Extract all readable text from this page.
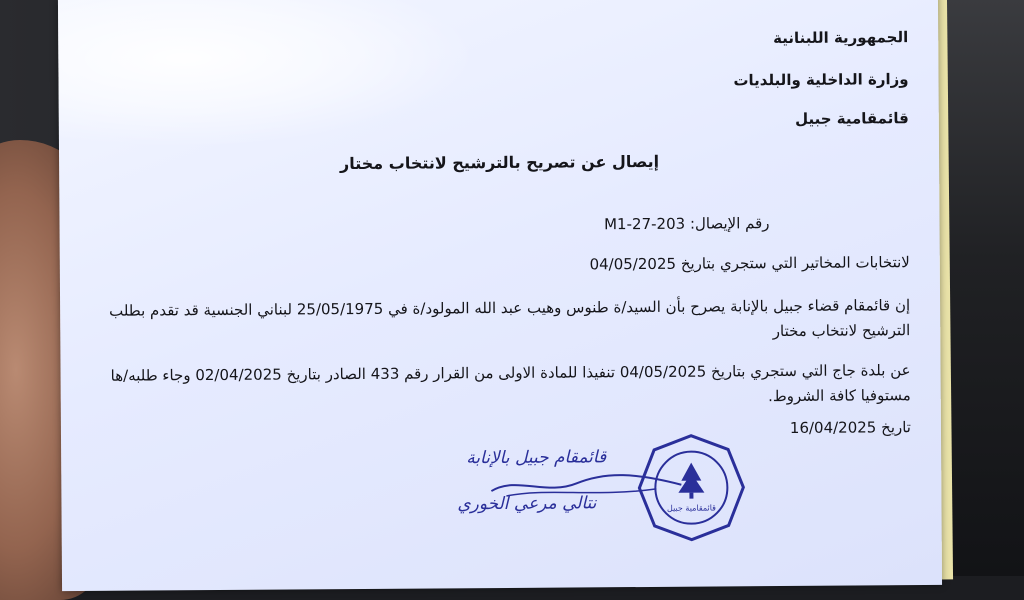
الجمهورية اللبنانية
وزارة الداخلية والبلديات
قائمقامية جبيل
إيصال عن تصريح بالترشيح لانتخاب مختار
رقم الإيصال: 203-27-M1
لانتخابات المخاتير التي ستجري بتاريخ 04/05/2025
إن قائمقام قضاء جبيل بالإنابة يصرح بأن السيد/ة طنوس وهيب عبد الله المولود/ة في 25/05/1975 لبناني الجنسية قد تقدم بطلب الترشيح لانتخاب مختار
عن بلدة جاج التي ستجري بتاريخ 04/05/2025 تنفيذا للمادة الاولى من القرار رقم 433 الصادر بتاريخ 02/04/2025 وجاء طلبه/ها مستوفيا كافة الشروط.
تاريخ 16/04/2025
قائمقام جبيل بالإنابة
نتالي مرعي الخوري	قائمقامية جبيل
